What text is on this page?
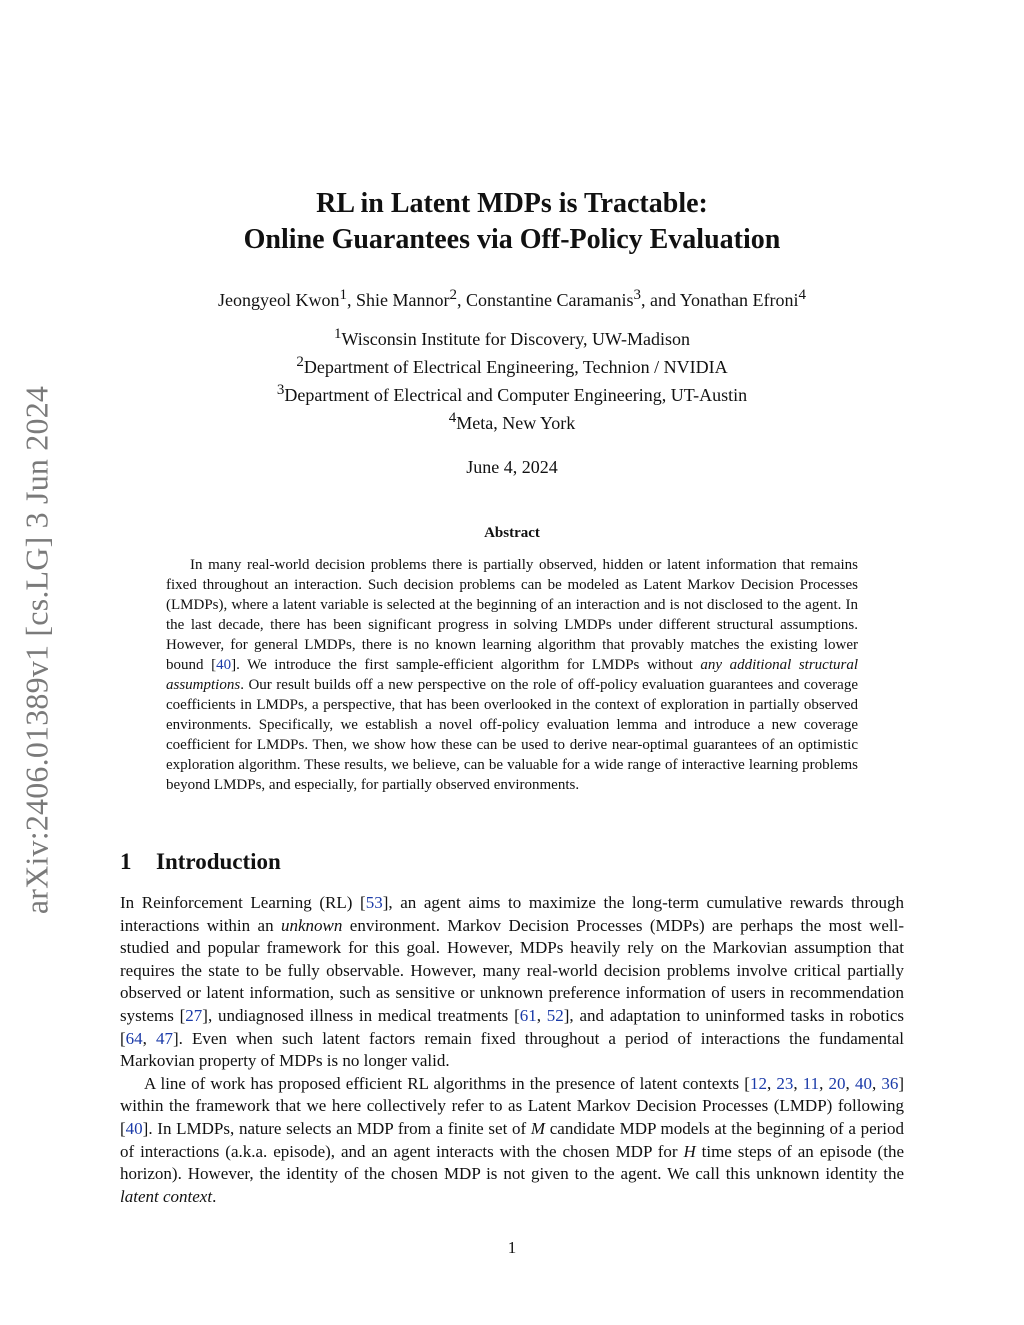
arXiv:2406.01389v1 [cs.LG] 3 Jun 2024
RL in Latent MDPs is Tractable:
Online Guarantees via Off-Policy Evaluation
Jeongyeol Kwon$^1$, Shie Mannor$^2$, Constantine Caramanis$^3$, and Yonathan Efroni$^4$
$^1$Wisconsin Institute for Discovery, UW-Madison
$^2$Department of Electrical Engineering, Technion / NVIDIA
$^3$Department of Electrical and Computer Engineering, UT-Austin
$^4$Meta, New York
June 4, 2024
Abstract

In many real-world decision problems there is partially observed, hidden or latent information that remains fixed throughout an interaction. Such decision problems can be modeled as Latent Markov Decision Processes (LMDPs), where a latent variable is selected at the beginning of an interaction and is not disclosed to the agent. In the last decade, there has been significant progress in solving LMDPs under different structural assumptions. However, for general LMDPs, there is no known learning algorithm that provably matches the existing lower bound [40]. We introduce the first sample-efficient algorithm for LMDPs without any additional structural assumptions. Our result builds off a new perspective on the role of off-policy evaluation guarantees and coverage coefficients in LMDPs, a perspective, that has been overlooked in the context of exploration in partially observed environments. Specifically, we establish a novel off-policy evaluation lemma and introduce a new coverage coefficient for LMDPs. Then, we show how these can be used to derive near-optimal guarantees of an optimistic exploration algorithm. These results, we believe, can be valuable for a wide range of interactive learning problems beyond LMDPs, and especially, for partially observed environments.

1 Introduction

In Reinforcement Learning (RL) [53], an agent aims to maximize the long-term cumulative rewards through interactions within an unknown environment. Markov Decision Processes (MDPs) are perhaps the most well-studied and popular framework for this goal. However, MDPs heavily rely on the Markovian assumption that requires the state to be fully observable. However, many real-world decision problems involve critical partially observed or latent information, such as sensitive or unknown preference information of users in recommendation systems [27], undiagnosed illness in medical treatments [61, 52], and adaptation to uninformed tasks in robotics [64, 47]. Even when such latent factors remain fixed throughout a period of interactions the fundamental Markovian property of MDPs is no longer valid.

A line of work has proposed efficient RL algorithms in the presence of latent contexts [12, 23, 11, 20, 40, 36] within the framework that we here collectively refer to as Latent Markov Decision Processes (LMDP) following [40]. In LMDPs, nature selects an MDP from a finite set of M candidate MDP models at the beginning of a period of interactions (a.k.a. episode), and an agent interacts with the chosen MDP for H time steps of an episode (the horizon). However, the identity of the chosen MDP is not given to the agent. We call this unknown identity the latent context.

1
